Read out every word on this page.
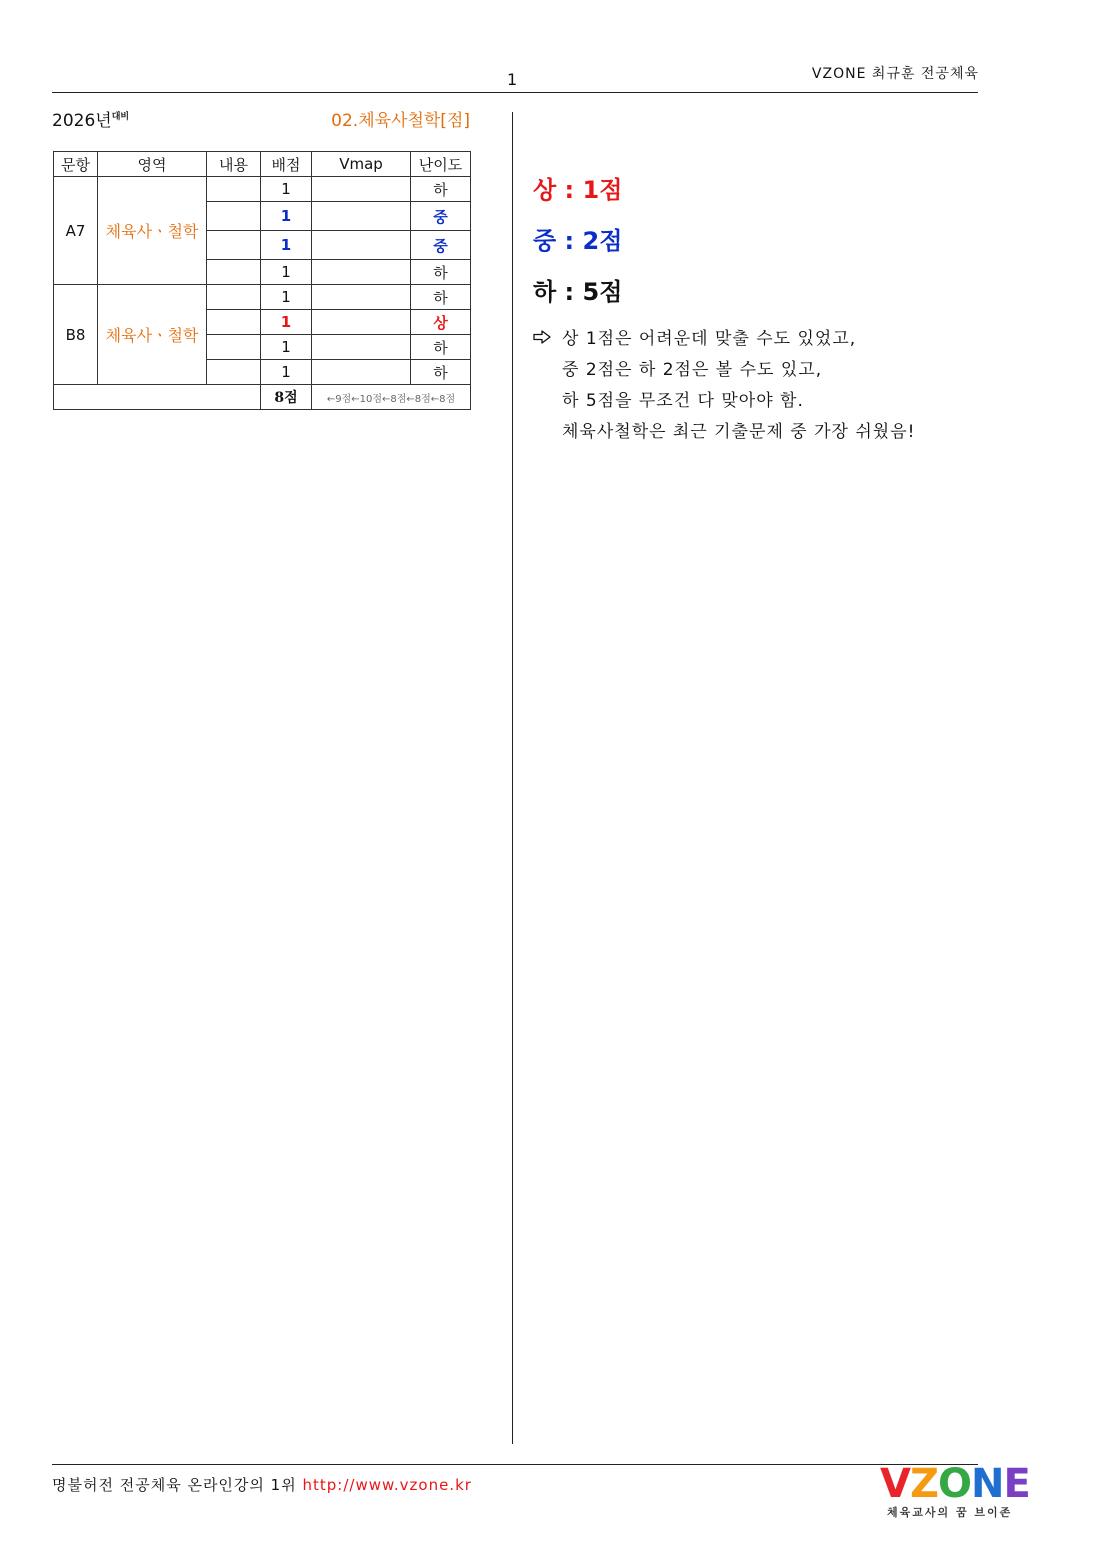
VZONE 최규훈 전공체육
1
2026년$^{대비}$	02.체육사철학[점]
문항	영역	내용	배점	Vmap	난이도
A7	체육사ㆍ철학		1		하
			1		중
			1		중
			1		하
B8	체육사ㆍ철학		1		하
			1		상
			1		하
			1		하
			8점	←9점←10점←8점←8점←8점	
상 : 1점
중 : 2점
하 : 5점
상 1점은 어려운데 맞출 수도 있었고,
중 2점은 하 2점은 볼 수도 있고,
하 5점을 무조건 다 맞아야 함.
체육사철학은 최근 기출문제 중 가장 쉬웠음!
명불허전 전공체육 온라인강의 1위 http://www.vzone.kr	VZONE
체육교사의 꿈 브이존
